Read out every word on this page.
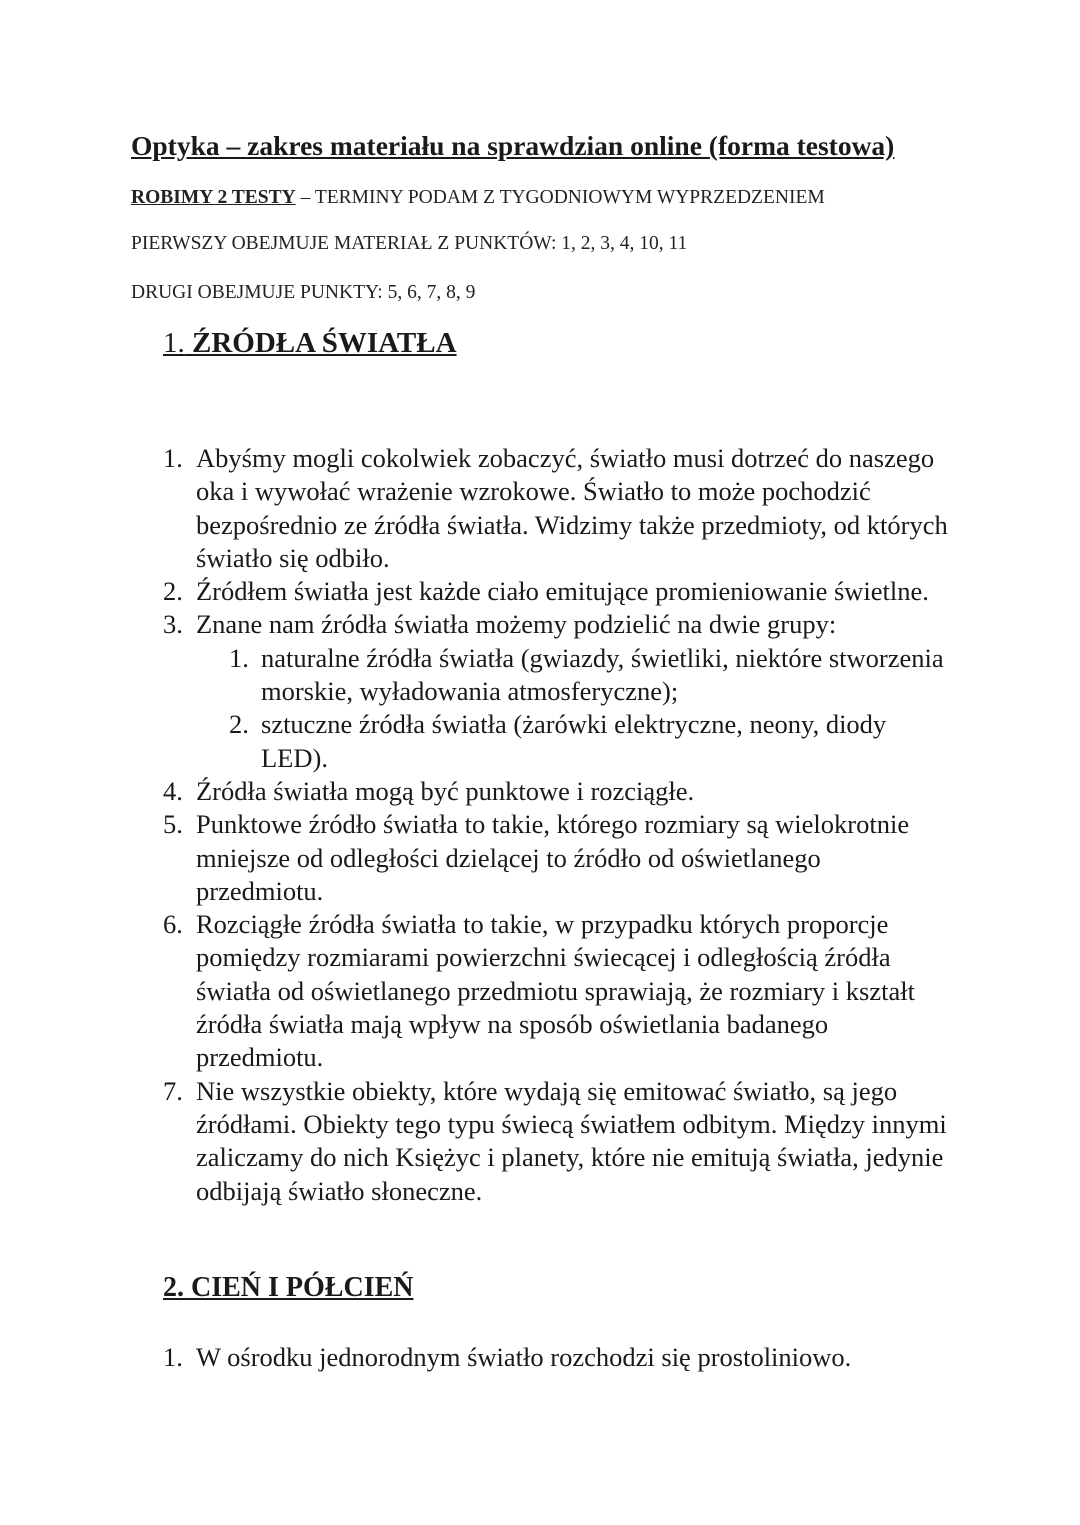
Optyka – zakres materiału na sprawdzian online (forma testowa)
ROBIMY 2 TESTY – TERMINY PODAM Z TYGODNIOWYM WYPRZEDZENIEM
PIERWSZY OBEJMUJE MATERIAŁ Z PUNKTÓW: 1, 2, 3, 4, 10, 11
DRUGI OBEJMUJE PUNKTY: 5, 6, 7, 8, 9
1. ŹRÓDŁA ŚWIATŁA
1. Abyśmy mogli cokolwiek zobaczyć, światło musi dotrzeć do naszego oka i wywołać wrażenie wzrokowe. Światło to może pochodzić bezpośrednio ze źródła światła. Widzimy także przedmioty, od których światło się odbiło.
2. Źródłem światła jest każde ciało emitujące promieniowanie świetlne.
3. Znane nam źródła światła możemy podzielić na dwie grupy:
1. naturalne źródła światła (gwiazdy, świetliki, niektóre stworzenia morskie, wyładowania atmosferyczne);
2. sztuczne źródła światła (żarówki elektryczne, neony, diody LED).
4. Źródła światła mogą być punktowe i rozciągłe.
5. Punktowe źródło światła to takie, którego rozmiary są wielokrotnie mniejsze od odległości dzielącej to źródło od oświetlanego przedmiotu.
6. Rozciągłe źródła światła to takie, w przypadku których proporcje pomiędzy rozmiarami powierzchni świecącej i odległością źródła światła od oświetlanego przedmiotu sprawiają, że rozmiary i kształt źródła światła mają wpływ na sposób oświetlania badanego przedmiotu.
7. Nie wszystkie obiekty, które wydają się emitować światło, są jego źródłami. Obiekty tego typu świecą światłem odbitym. Między innymi zaliczamy do nich Księżyc i planety, które nie emitują światła, jedynie odbijają światło słoneczne.
2. CIEŃ I PÓŁCIEŃ
1. W ośrodku jednorodnym światło rozchodzi się prostoliniowo.
